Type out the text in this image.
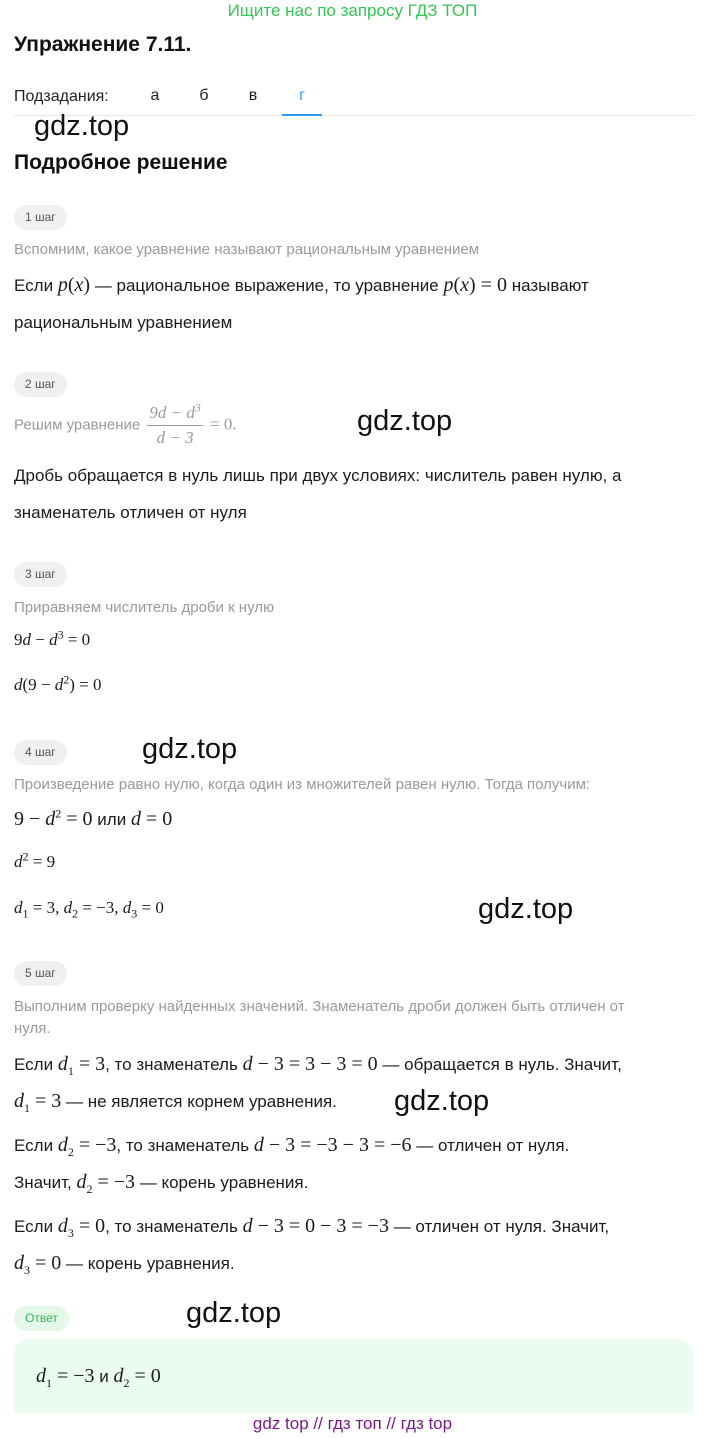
Ищите нас по запросу ГДЗ ТОП
Упражнение 7.11.
Подзадания:	а	б	в	г
gdz.top
Подробное решение
1 шаг
Вспомним, какое уравнение называют рациональным уравнением
Если p(x) — рациональное выражение, то уравнение p(x) = 0 называют
рациональным уравнением
2 шаг
Решим уравнение $\frac{9d - d^3}{d - 3} = 0$.	gdz.top
Дробь обращается в нуль лишь при двух условиях: числитель равен нулю, а
знаменатель отличен от нуля
3 шаг
Приравняем числитель дроби к нулю
$9d - d^3 = 0$
$d(9 - d^2) = 0$
4 шаг	gdz.top
Произведение равно нулю, когда один из множителей равен нулю. Тогда получим:
$9 - d^2 = 0$ или d = 0
$d^2 = 9$
$d_1 = 3$, $d_2 = -3$, $d_3 = 0$	gdz.top
5 шаг
Выполним проверку найденных значений. Знаменатель дроби должен быть отличен от
нуля.
Если $d_1 = 3$, то знаменатель d − 3 = 3 − 3 = 0 — обращается в нуль. Значит,
$d_1 = 3$ — не является корнем уравнения. gdz.top
Если $d_2 = -3$, то знаменатель d − 3 = −3 − 3 = −6 — отличен от нуля.
Значит, $d_2 = -3$ — корень уравнения.
Если $d_3 = 0$, то знаменатель d − 3 = 0 − 3 = −3 — отличен от нуля. Значит,
$d_3 = 0$ — корень уравнения.
Ответ	gdz.top
$d_1 = -3$ и $d_2 = 0$
gdz top // гдз топ // гдз top
